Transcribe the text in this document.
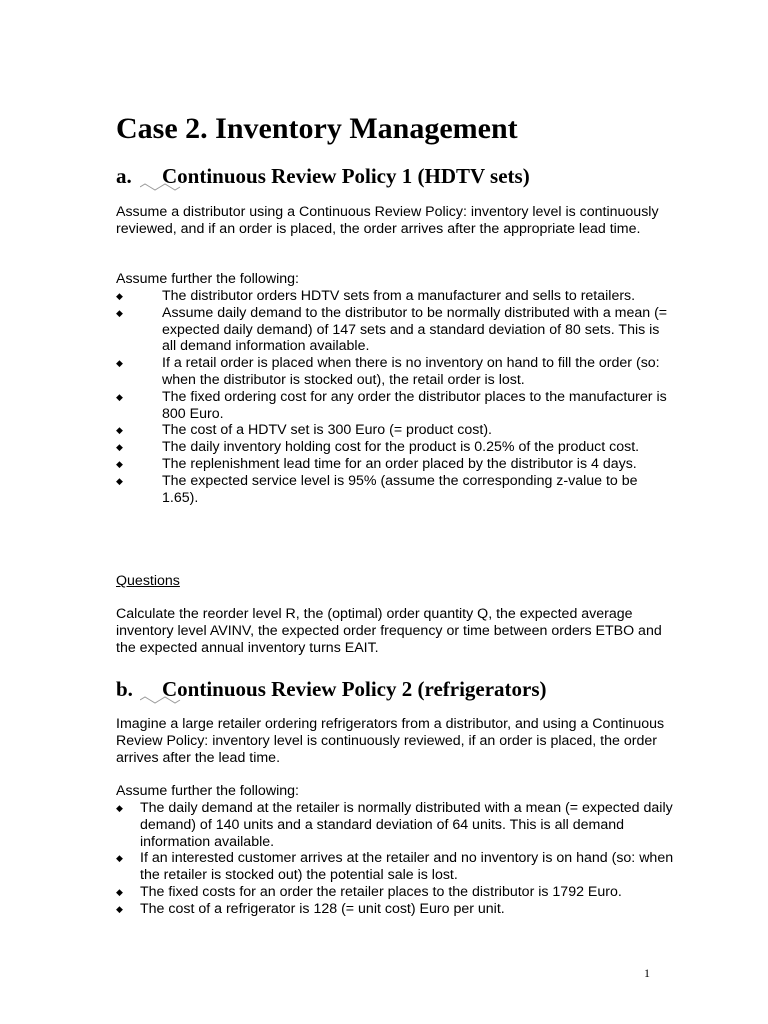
Case 2. Inventory Management
a. Continuous Review Policy 1 (HDTV sets)

Assume a distributor using a Continuous Review Policy: inventory level is continuously reviewed, and if an order is placed, the order arrives after the appropriate lead time.

Assume further the following:

◆	The distributor orders HDTV sets from a manufacturer and sells to retailers.
◆	Assume daily demand to the distributor to be normally distributed with a mean (= expected daily demand) of 147 sets and a standard deviation of 80 sets. This is all demand information available.
◆	If a retail order is placed when there is no inventory on hand to fill the order (so: when the distributor is stocked out), the retail order is lost.
◆	The fixed ordering cost for any order the distributor places to the manufacturer is 800 Euro.
◆	The cost of a HDTV set is 300 Euro (= product cost).
◆	The daily inventory holding cost for the product is 0.25% of the product cost.
◆	The replenishment lead time for an order placed by the distributor is 4 days.
◆	The expected service level is 95% (assume the corresponding z-value to be 1.65).

Questions

Calculate the reorder level R, the (optimal) order quantity Q, the expected average inventory level AVINV, the expected order frequency or time between orders ETBO and the expected annual inventory turns EAIT.

b. Continuous Review Policy 2 (refrigerators)

Imagine a large retailer ordering refrigerators from a distributor, and using a Continuous Review Policy: inventory level is continuously reviewed, if an order is placed, the order arrives after the lead time.

Assume further the following:

◆	The daily demand at the retailer is normally distributed with a mean (= expected daily demand) of 140 units and a standard deviation of 64 units. This is all demand information available.
◆	If an interested customer arrives at the retailer and no inventory is on hand (so: when the retailer is stocked out) the potential sale is lost.
◆	The fixed costs for an order the retailer places to the distributor is 1792 Euro.
◆	The cost of a refrigerator is 128 (= unit cost) Euro per unit.
1
